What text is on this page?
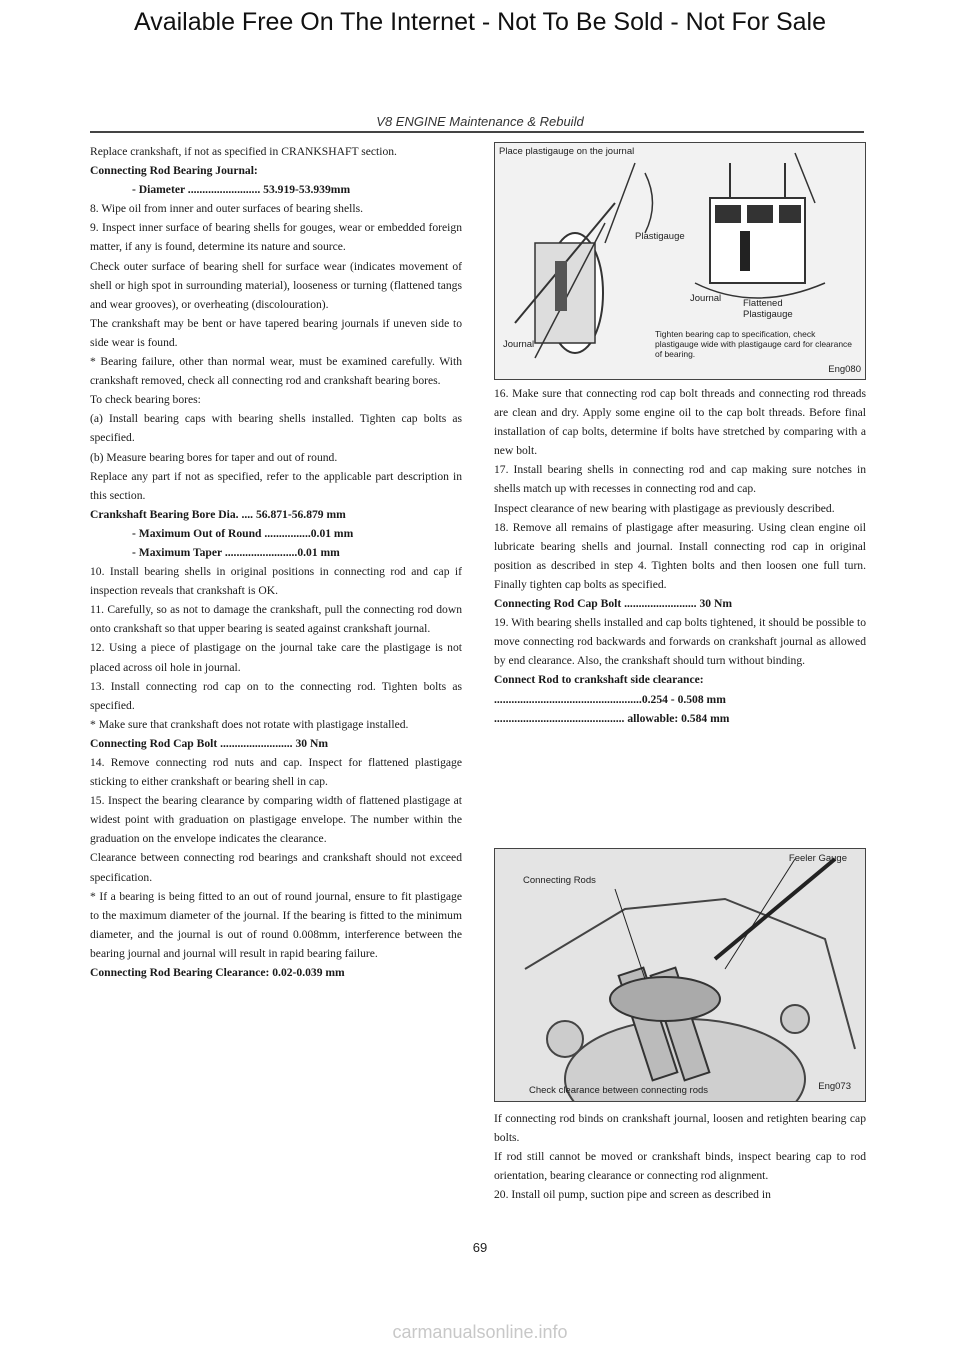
Available Free On The Internet - Not To Be Sold - Not For Sale
V8 ENGINE Maintenance & Rebuild

Replace crankshaft, if not as specified in CRANKSHAFT section.

Connecting Rod Bearing Journal:

- Diameter ......................... 53.919-53.939mm

8. Wipe oil from inner and outer surfaces of bearing shells.

9. Inspect inner surface of bearing shells for gouges, wear or embedded foreign matter, if any is found, determine its nature and source.

Check outer surface of bearing shell for surface wear (indicates movement of shell or high spot in surrounding material), looseness or turning (flattened tangs and wear grooves), or overheating (discolouration).

The crankshaft may be bent or have tapered bearing journals if uneven side to side wear is found.

* Bearing failure, other than normal wear, must be examined carefully. With crankshaft removed, check all connecting rod and crankshaft bearing bores.

To check bearing bores:

(a) Install bearing caps with bearing shells installed. Tighten cap bolts as specified.

(b) Measure bearing bores for taper and out of round.

Replace any part if not as specified, refer to the applicable part description in this section.

Crankshaft Bearing Bore Dia. .... 56.871-56.879 mm

- Maximum Out of Round ................0.01 mm

- Maximum Taper .........................0.01 mm

10. Install bearing shells in original positions in connecting rod and cap if inspection reveals that crankshaft is OK.

11. Carefully, so as not to damage the crankshaft, pull the connecting rod down onto crankshaft so that upper bearing is seated against crankshaft journal.

12. Using a piece of plastigage on the journal take care the plastigage is not placed across oil hole in journal.

13. Install connecting rod cap on to the connecting rod. Tighten bolts as specified.

* Make sure that crankshaft does not rotate with plastigage installed.

Connecting Rod Cap Bolt ......................... 30 Nm

14. Remove connecting rod nuts and cap. Inspect for flattened plastigage sticking to either crankshaft or bearing shell in cap.

15. Inspect the bearing clearance by comparing width of flattened plastigage at widest point with graduation on plastigage envelope. The number within the graduation on the envelope indicates the clearance.

Clearance between connecting rod bearings and crankshaft should not exceed specification.

* If a bearing is being fitted to an out of round journal, ensure to fit plastigage to the maximum diameter of the journal. If the bearing is fitted to the minimum diameter, and the journal is out of round 0.008mm, interference between the bearing journal and journal will result in rapid bearing failure.

Connecting Rod Bearing Clearance: 0.02-0.039 mm

Place plastigauge on the journal
Plastigauge
Journal Flattened Plastigauge
Journal
Tighten bearing cap to specification, check plastigauge wide with plastigauge card for clearance of bearing.
Eng080

16. Make sure that connecting rod cap bolt threads and connecting rod threads are clean and dry. Apply some engine oil to the cap bolt threads. Before final installation of cap bolts, determine if bolts have stretched by comparing with a new bolt.

17. Install bearing shells in connecting rod and cap making sure notches in shells match up with recesses in connecting rod and cap.

Inspect clearance of new bearing with plastigage as previously described.

18. Remove all remains of plastigage after measuring. Using clean engine oil lubricate bearing shells and journal. Install connecting rod cap in original position as described in step 4. Tighten bolts and then loosen one full turn. Finally tighten cap bolts as specified.

Connecting Rod Cap Bolt ......................... 30 Nm

19. With bearing shells installed and cap bolts tightened, it should be possible to move connecting rod backwards and forwards on crankshaft journal as allowed by end clearance. Also, the crankshaft should turn without binding.

Connect Rod to crankshaft side clearance:

...................................................0.254 - 0.508 mm

............................................. allowable: 0.584 mm

Feeler Gauge
Connecting Rods
Check clearance between connecting rods	Eng073

If connecting rod binds on crankshaft journal, loosen and retighten bearing cap bolts.

If rod still cannot be moved or crankshaft binds, inspect bearing cap to rod orientation, bearing clearance or connecting rod alignment.

20. Install oil pump, suction pipe and screen as described in

69
carmanualsonline.info
